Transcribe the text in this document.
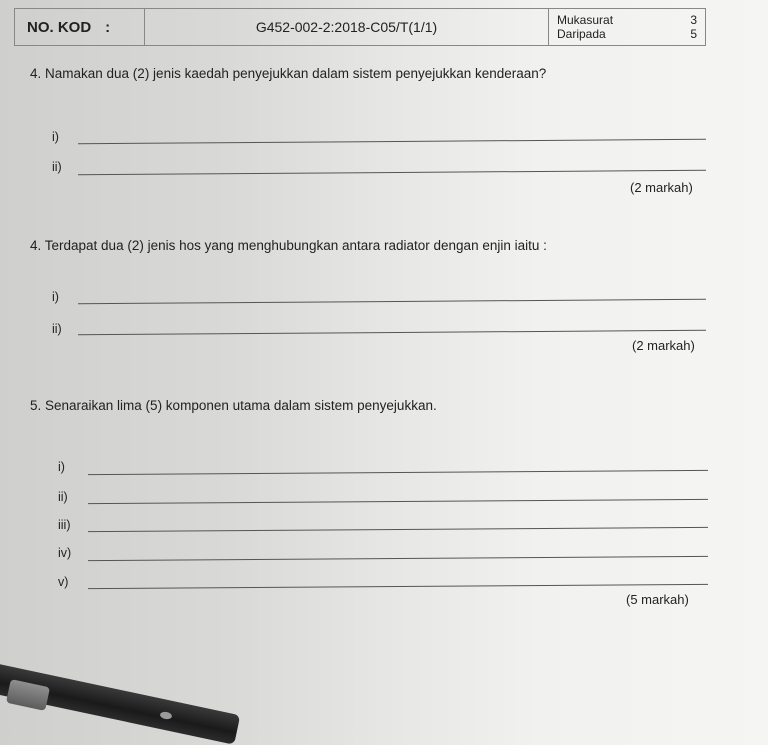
NO. KOD :	G452-002-2:2018-C05/T(1/1)	Mukasurat	3
Daripada	5
4. Namakan dua (2) jenis kaedah penyejukkan dalam sistem penyejukkan kenderaan?
i)
ii)
(2 markah)
4. Terdapat dua (2) jenis hos yang menghubungkan antara radiator dengan enjin iaitu :
i)
ii)
(2 markah)
5. Senaraikan lima (5) komponen utama dalam sistem penyejukkan.
i)
ii)
iii)
iv)
v)
(5 markah)
